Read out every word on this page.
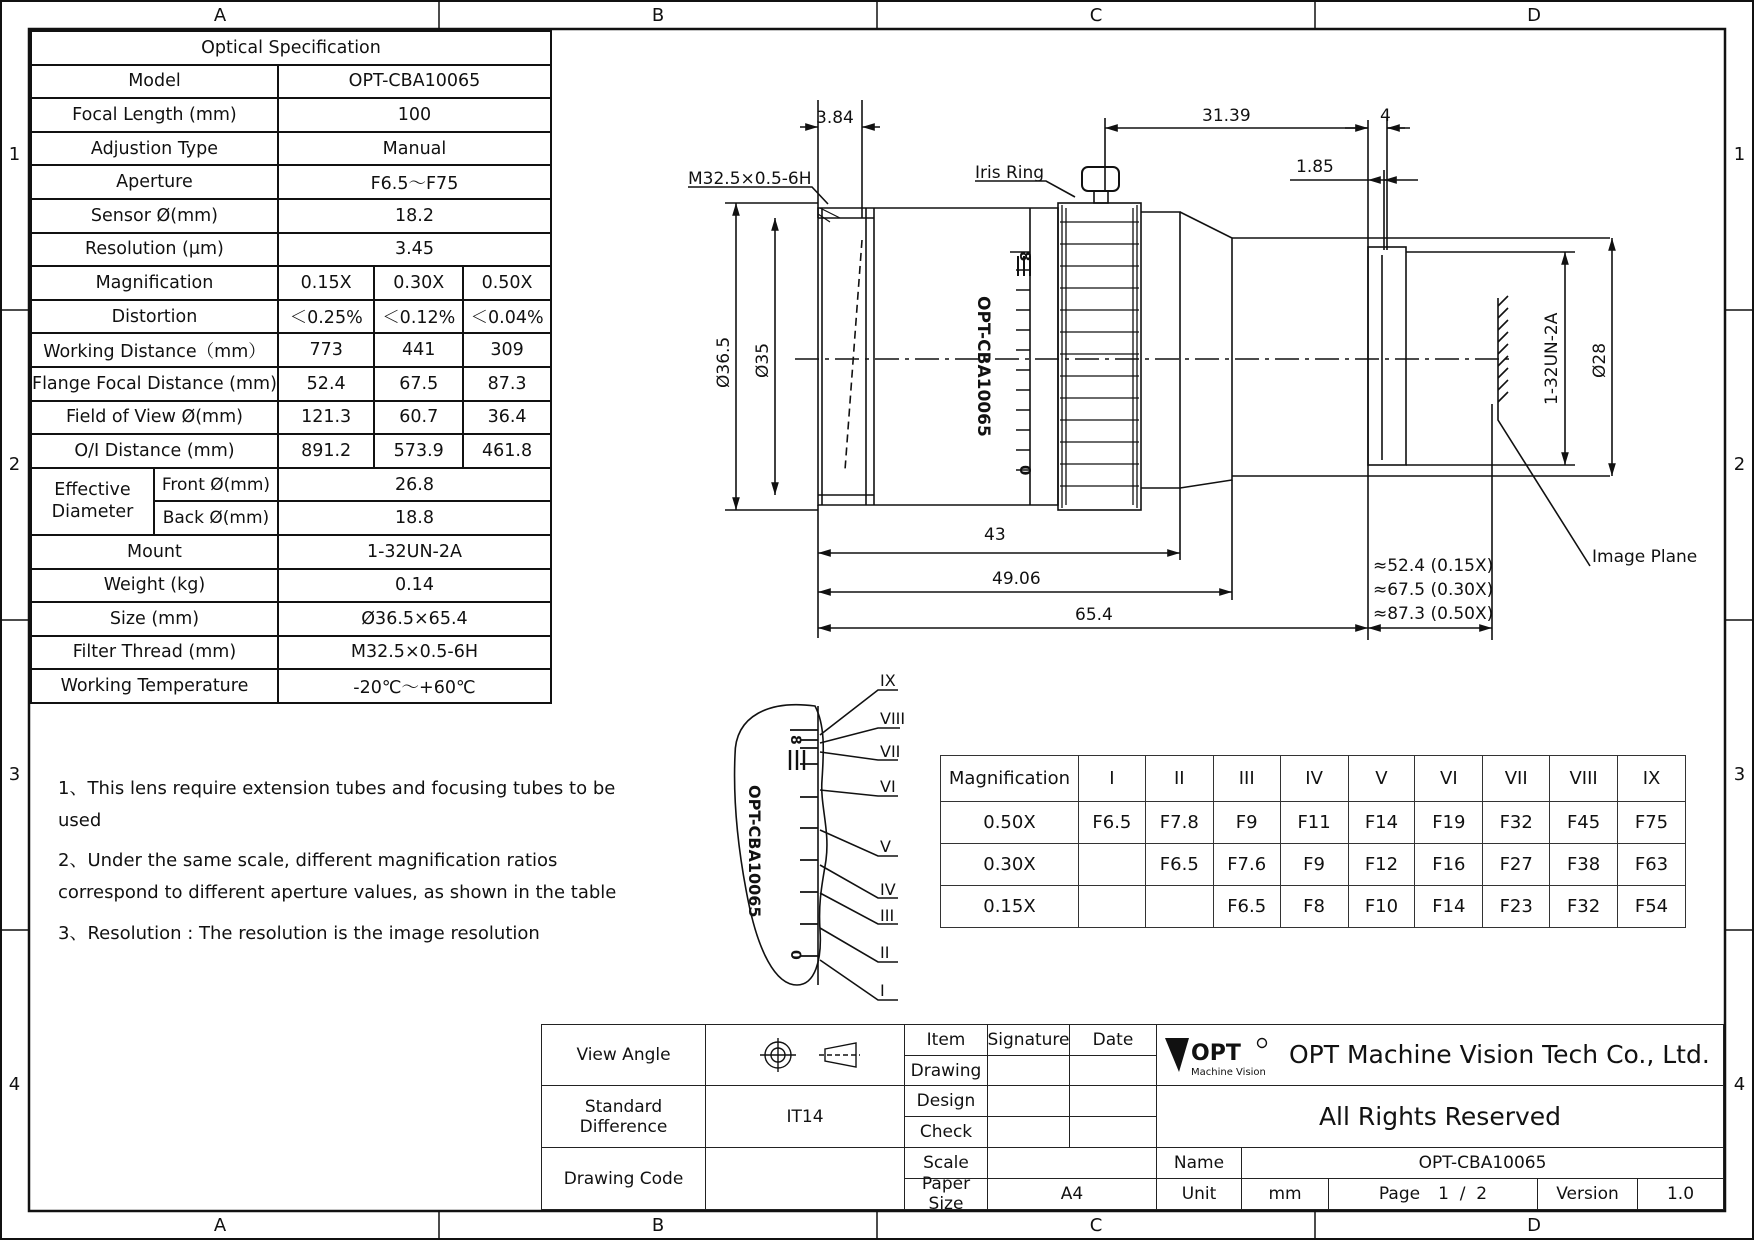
A	B	C	D
A	B	C	D
1
2
3
4
1
2
3
4
Optical Specification				
Model		OPT-CBA10065		
Focal Length (mm)		100		
Adjustion Type		Manual		
Aperture		F6.5～F75		
Sensor Ø(mm)		18.2		
Resolution (μm)		3.45		
Magnification		0.15X	0.30X	0.50X
Distortion		＜0.25%	＜0.12%	＜0.04%
Working Distance（mm）		773	441	309
Flange Focal Distance (mm)		52.4	67.5	87.3
Field of View Ø(mm)		121.3	60.7	36.4
O/I Distance (mm)		891.2	573.9	461.8
Effective Diameter	Front Ø(mm)	26.8		
	Back Ø(mm)	18.8		
Mount		1-32UN-2A		
Weight (kg)		0.14		
Size (mm)		Ø36.5×65.4		
Filter Thread (mm)		M32.5×0.5-6H		
Working Temperature		-20℃～+60℃		
1、This lens require extension tubes and focusing tubes to be
used
2、Under the same scale, different magnification ratios
correspond to different aperture values, as shown in the table
3、Resolution : The resolution is the image resolution
3.84	31.39	4
1.85
M32.5×0.5-6H	Iris Ring
Image Plane
43
49.06
65.4
≈52.4 (0.15X)
≈67.5 (0.30X)
≈87.3 (0.50X)
Ø36.5 Ø35	1-32UN-2A Ø28
OPT-CBA10065
8
0
IX
VIII
VII
VI
V
IV
III
II
I
OPT-CBA10065
8
0
Magnification	I	II	III	IV	V	VI	VII	VIII	IX
0.50X	F6.5	F7.8	F9	F11	F14	F19	F32	F45	F75
0.30X		F6.5	F7.6	F9	F12	F16	F27	F38	F63
0.15X			F6.5	F8	F10	F14	F23	F32	F54
View Angle
Standard Difference	IT14
Drawing Code
Item	Signature	Date
Drawing
Design
Check
Scale
Paper Size	A4
OPT
Machine Vision
OPT Machine Vision Tech Co., Ltd.
All Rights Reserved
Name	OPT-CBA10065
Unit	mm	Page 1  /  2	Version	1.0
